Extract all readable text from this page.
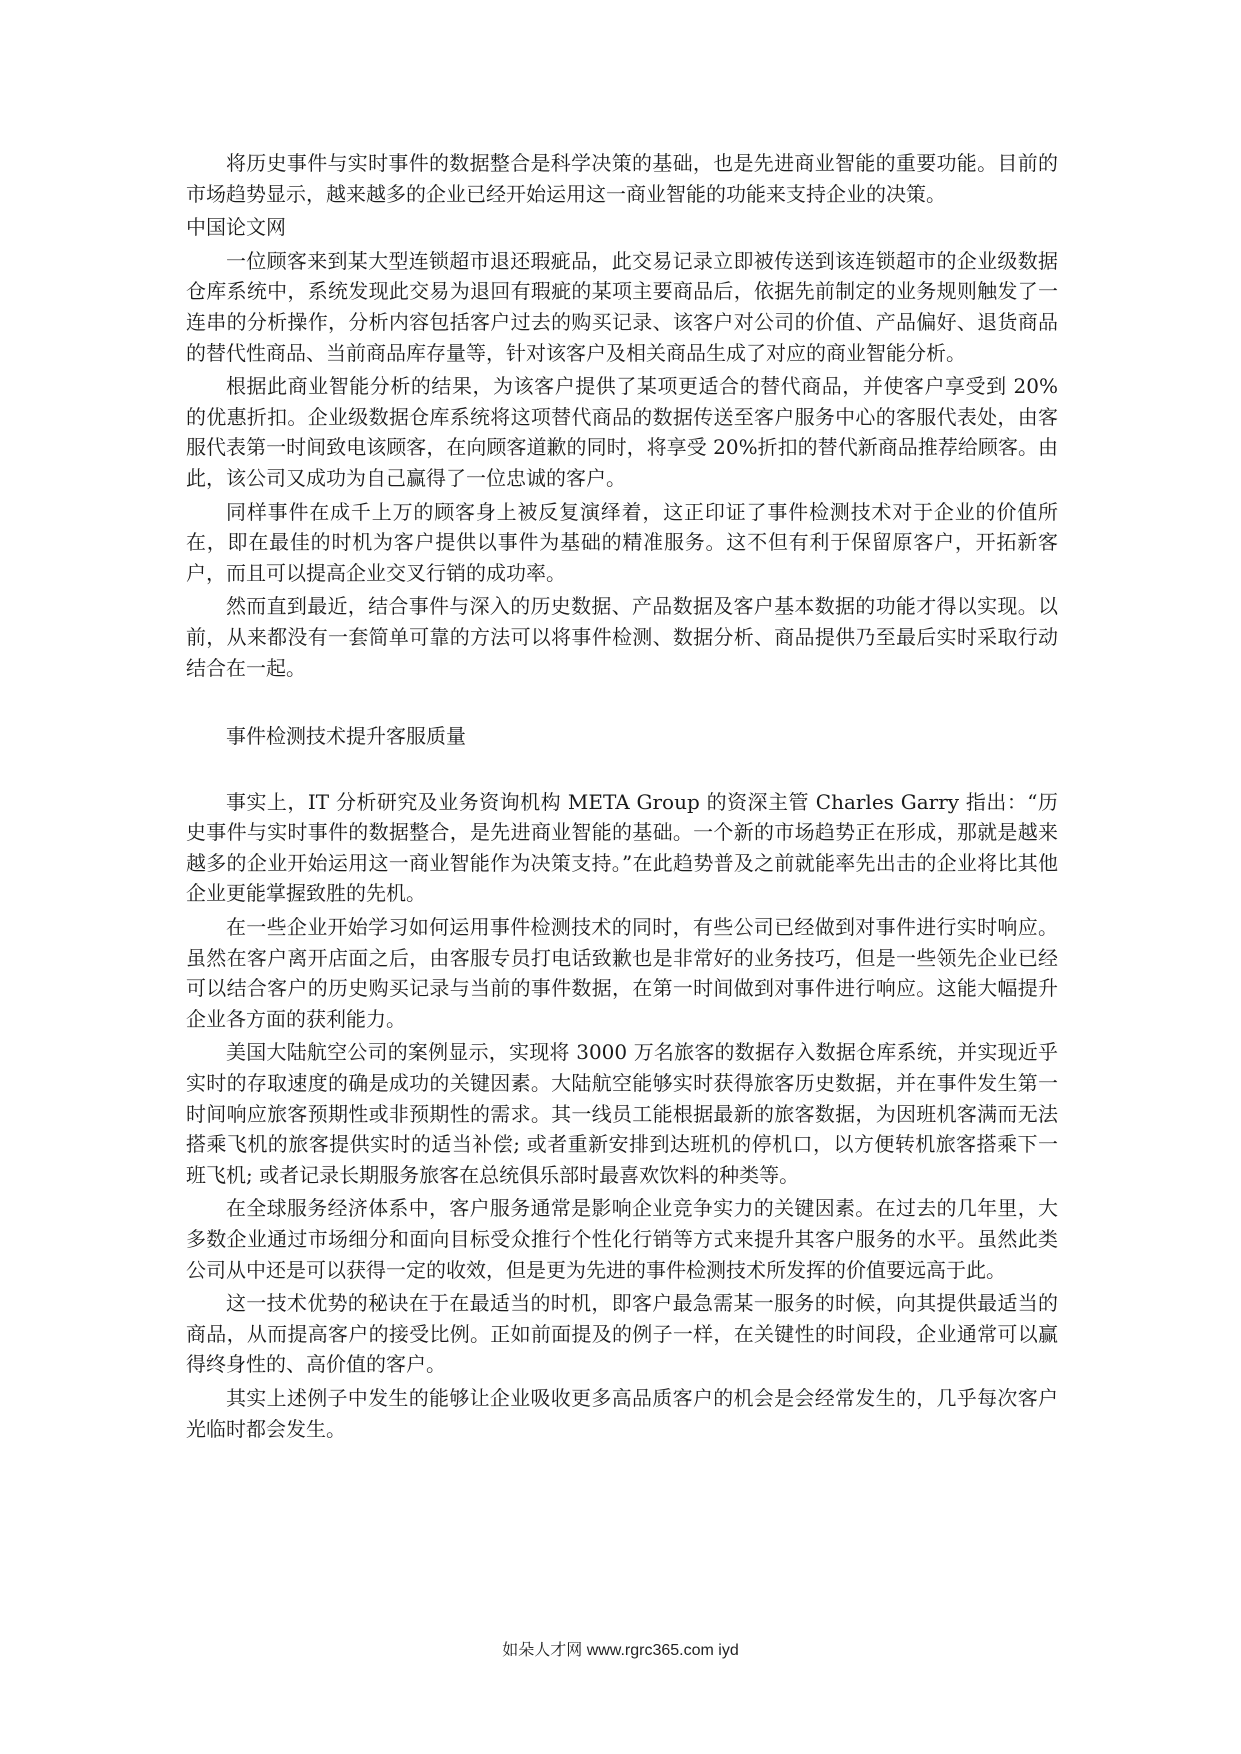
将历史事件与实时事件的数据整合是科学决策的基础，也是先进商业智能的重要功能。目前的市场趋势显示，越来越多的企业已经开始运用这一商业智能的功能来支持企业的决策。

中国论文网

一位顾客来到某大型连锁超市退还瑕疵品，此交易记录立即被传送到该连锁超市的企业级数据仓库系统中，系统发现此交易为退回有瑕疵的某项主要商品后，依据先前制定的业务规则触发了一连串的分析操作，分析内容包括客户过去的购买记录、该客户对公司的价值、产品偏好、退货商品的替代性商品、当前商品库存量等，针对该客户及相关商品生成了对应的商业智能分析。

根据此商业智能分析的结果，为该客户提供了某项更适合的替代商品，并使客户享受到 20% 的优惠折扣。企业级数据仓库系统将这项替代商品的数据传送至客户服务中心的客服代表处，由客服代表第一时间致电该顾客，在向顾客道歉的同时，将享受 20%折扣的替代新商品推荐给顾客。由此，该公司又成功为自己赢得了一位忠诚的客户。

同样事件在成千上万的顾客身上被反复演绎着，这正印证了事件检测技术对于企业的价值所在，即在最佳的时机为客户提供以事件为基础的精准服务。这不但有利于保留原客户，开拓新客户，而且可以提高企业交叉行销的成功率。

然而直到最近，结合事件与深入的历史数据、产品数据及客户基本数据的功能才得以实现。以前，从来都没有一套简单可靠的方法可以将事件检测、数据分析、商品提供乃至最后实时采取行动结合在一起。

事件检测技术提升客服质量

事实上，IT 分析研究及业务资询机构 META Group 的资深主管 Charles Garry 指出：“历史事件与实时事件的数据整合，是先进商业智能的基础。一个新的市场趋势正在形成，那就是越来越多的企业开始运用这一商业智能作为决策支持。”在此趋势普及之前就能率先出击的企业将比其他企业更能掌握致胜的先机。

在一些企业开始学习如何运用事件检测技术的同时，有些公司已经做到对事件进行实时响应。 虽然在客户离开店面之后，由客服专员打电话致歉也是非常好的业务技巧，但是一些领先企业已经可以结合客户的历史购买记录与当前的事件数据，在第一时间做到对事件进行响应。这能大幅提升企业各方面的获利能力。

美国大陆航空公司的案例显示，实现将 3000 万名旅客的数据存入数据仓库系统，并实现近乎实时的存取速度的确是成功的关键因素。大陆航空能够实时获得旅客历史数据，并在事件发生第一时间响应旅客预期性或非预期性的需求。其一线员工能根据最新的旅客数据，为因班机客满而无法搭乘飞机的旅客提供实时的适当补偿; 或者重新安排到达班机的停机口，以方便转机旅客搭乘下一班飞机; 或者记录长期服务旅客在总统俱乐部时最喜欢饮料的种类等。

在全球服务经济体系中，客户服务通常是影响企业竞争实力的关键因素。在过去的几年里，大多数企业通过市场细分和面向目标受众推行个性化行销等方式来提升其客户服务的水平。虽然此类公司从中还是可以获得一定的收效，但是更为先进的事件检测技术所发挥的价值要远高于此。

这一技术优势的秘诀在于在最适当的时机，即客户最急需某一服务的时候，向其提供最适当的商品，从而提高客户的接受比例。正如前面提及的例子一样，在关键性的时间段，企业通常可以赢得终身性的、高价值的客户。

其实上述例子中发生的能够让企业吸收更多高品质客户的机会是会经常发生的，几乎每次客户光临时都会发生。

如朵人才网 www.rgrc365.com iyd
